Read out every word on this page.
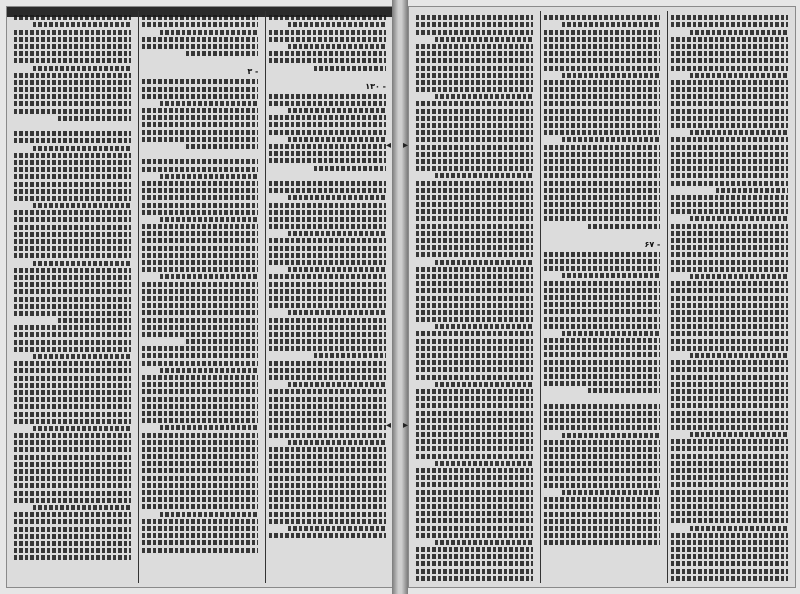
- ۱۳۰
- ۳
◂	▸
◂	▸
- ۶۷
